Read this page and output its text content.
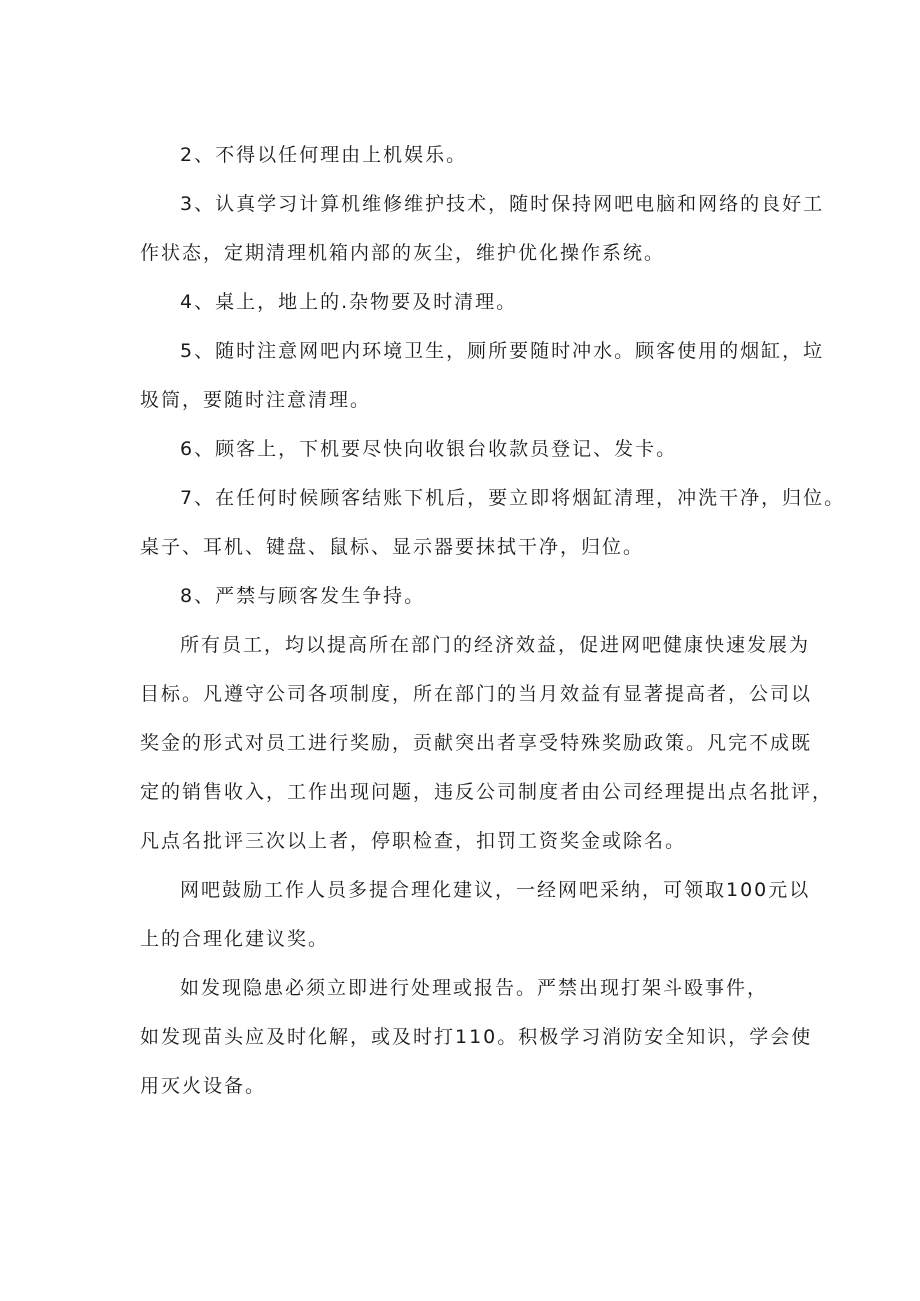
2、不得以任何理由上机娱乐。
3、认真学习计算机维修维护技术，随时保持网吧电脑和网络的良好工
作状态，定期清理机箱内部的灰尘，维护优化操作系统。
4、桌上，地上的.杂物要及时清理。
5、随时注意网吧内环境卫生，厕所要随时冲水。顾客使用的烟缸，垃
圾筒，要随时注意清理。
6、顾客上，下机要尽快向收银台收款员登记、发卡。
7、在任何时候顾客结账下机后，要立即将烟缸清理，冲洗干净，归位。
桌子、耳机、键盘、鼠标、显示器要抹拭干净，归位。
8、严禁与顾客发生争持。
所有员工，均以提高所在部门的经济效益，促进网吧健康快速发展为
目标。凡遵守公司各项制度，所在部门的当月效益有显著提高者，公司以
奖金的形式对员工进行奖励，贡献突出者享受特殊奖励政策。凡完不成既
定的销售收入，工作出现问题，违反公司制度者由公司经理提出点名批评，
凡点名批评三次以上者，停职检查，扣罚工资奖金或除名。
网吧鼓励工作人员多提合理化建议，一经网吧采纳，可领取100元以
上的合理化建议奖。
如发现隐患必须立即进行处理或报告。严禁出现打架斗殴事件，
如发现苗头应及时化解，或及时打110。积极学习消防安全知识，学会使
用灭火设备。
